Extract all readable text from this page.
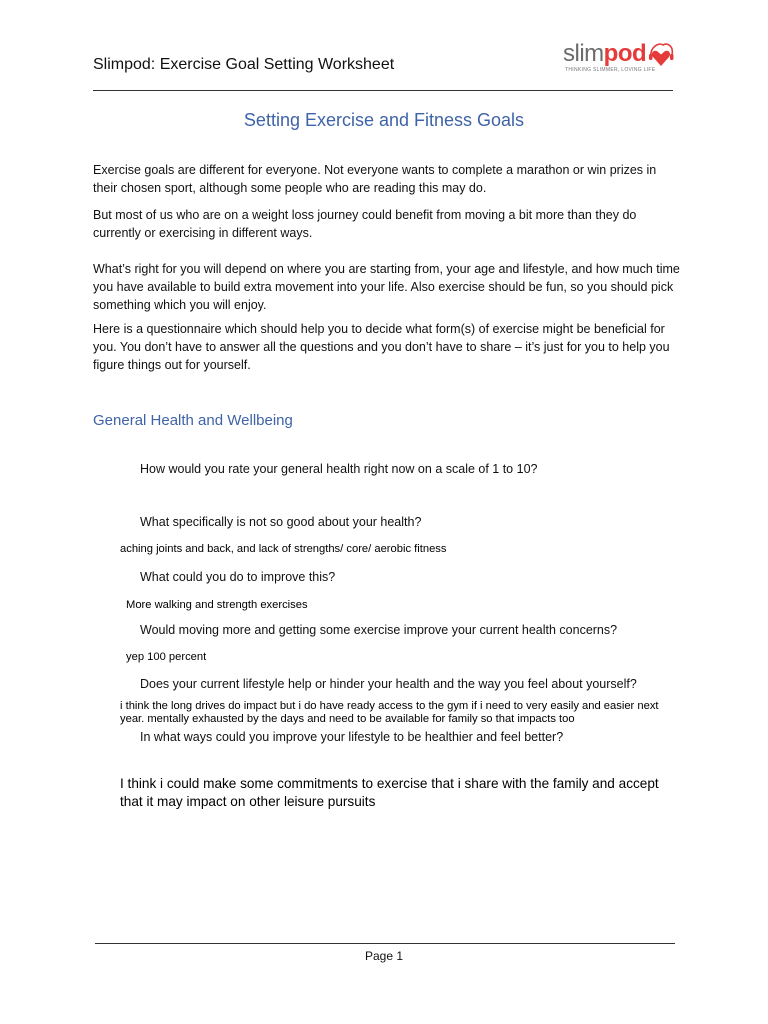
Slimpod: Exercise Goal Setting Worksheet	slimpod
THINKING SLIMMER, LOVING LIFE
Setting Exercise and Fitness Goals
Exercise goals are different for everyone. Not everyone wants to complete a marathon or win prizes in their chosen sport, although some people who are reading this may do.
But most of us who are on a weight loss journey could benefit from moving a bit more than they do currently or exercising in different ways.
What’s right for you will depend on where you are starting from, your age and lifestyle, and how much time you have available to build extra movement into your life. Also exercise should be fun, so you should pick something which you will enjoy.
Here is a questionnaire which should help you to decide what form(s) of exercise might be beneficial for you. You don’t have to answer all the questions and you don’t have to share – it’s just for you to help you figure things out for yourself.
General Health and Wellbeing
How would you rate your general health right now on a scale of 1 to 10?
What specifically is not so good about your health?
aching joints and back, and lack of strengths/ core/ aerobic fitness
What could you do to improve this?
More walking and strength exercises
Would moving more and getting some exercise improve your current health concerns?
yep 100 percent
Does your current lifestyle help or hinder your health and the way you feel about yourself?
i think the long drives do impact but i do have ready access to the gym if i need to very easily and easier next year. mentally exhausted by the days and need to be available for family so that impacts too
In what ways could you improve your lifestyle to be healthier and feel better?
I think i could make some commitments to exercise that i share with the family and accept that it may impact on other leisure pursuits
Page 1
